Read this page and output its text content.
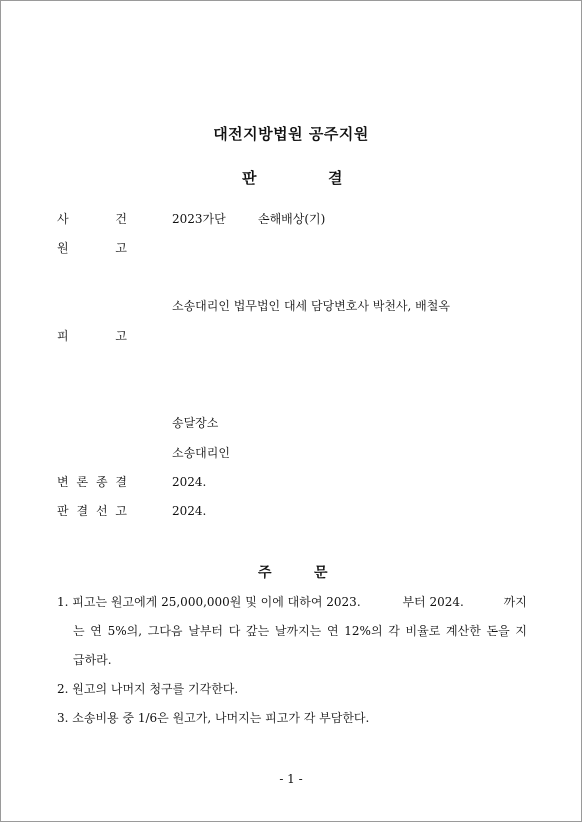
대전지방법원 공주지원
판	결
사	건	2023가단	손해배상(기)
원	고
소송대리인 법무법인 대세 담당변호사 박천사, 배철옥
피	고
송달장소
소송대리인
변 론 종 결	2024.
판 결 선 고	2024.
주	문
1. 피고는 원고에게 25,000,000원 및 이에 대하여 2023.	부터 2024.	까지
는 연 5%의, 그다음 날부터 다 갚는 날까지는 연 12%의 각 비율로 계산한 돈을 지
급하라.
2. 원고의 나머지 청구를 기각한다.
3. 소송비용 중 1/6은 원고가, 나머지는 피고가 각 부담한다.
- 1 -
